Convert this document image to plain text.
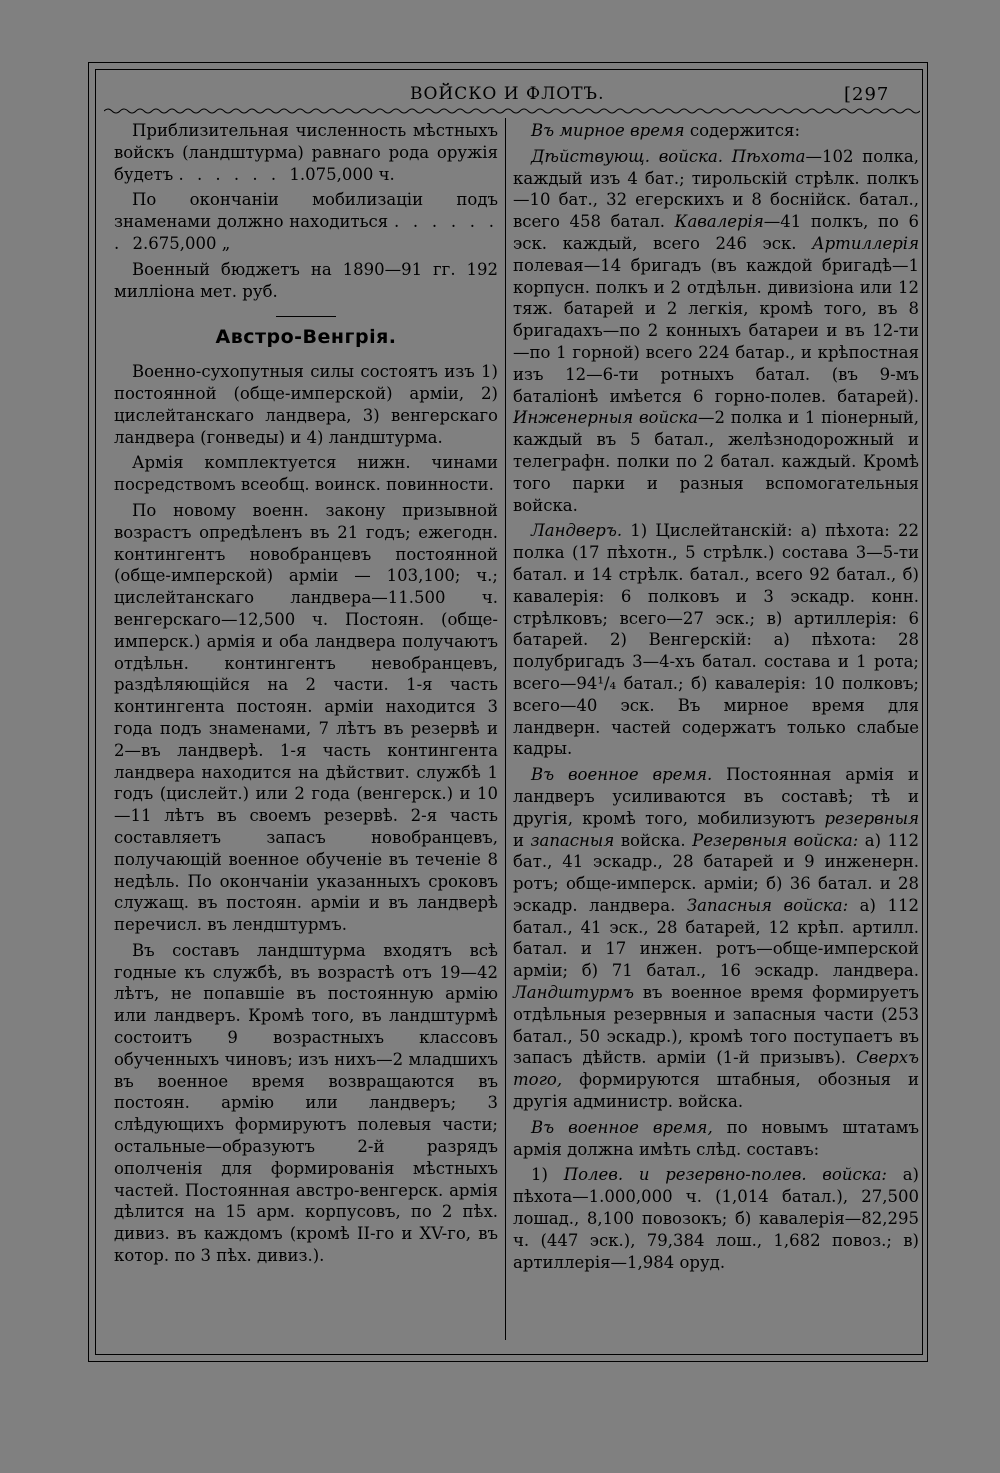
ВОЙСКО И ФЛОТЪ.	[297

Приблизительная численность мѣстныхъ войскъ (ландштурма) равнаго рода оружія будетъ . . . . . . 1.075,000 ч.

По окончаніи мобилизаціи подъ знаменами должно находиться . . . . . . . 2.675,000 „

Военный бюджетъ на 1890—91 гг. 192 милліона мет. руб.

Австро-Венгрія.

Военно-сухопутныя силы состоятъ изъ 1) постоянной (обще-имперской) арміи, 2) цислейтанскаго ландвера, 3) венгерскаго ландвера (гонведы) и 4) ландштурма.

Армія комплектуется нижн. чинами посредствомъ всеобщ. воинск. повинности.

По новому военн. закону призывной возрастъ опредѣленъ въ 21 годъ; ежегодн. контингентъ новобранцевъ постоянной (обще-имперской) арміи — 103,100; ч.; цислейтанскаго ландвера—11.500 ч. венгерскаго—12,500 ч. Постоян. (обще-имперск.) армія и оба ландвера получаютъ отдѣльн. контингентъ невобранцевъ, раздѣляющійся на 2 части. 1-я часть контингента постоян. арміи находится 3 года подъ знаменами, 7 лѣтъ въ резервѣ и 2—въ ландверѣ. 1-я часть контингента ландвера находится на дѣйствит. службѣ 1 годъ (цислейт.) или 2 года (венгерск.) и 10—11 лѣтъ въ своемъ резервѣ. 2-я часть составляетъ запасъ новобранцевъ, получающій военное обученіе въ теченіе 8 недѣль. По окончаніи указанныхъ сроковъ служащ. въ постоян. арміи и въ ландверѣ перечисл. въ лендштурмъ.

Въ составъ ландштурма входятъ всѣ годные къ службѣ, въ возрастѣ отъ 19—42 лѣтъ, не попавшіе въ постоянную армію или ландверъ. Кромѣ того, въ ландштурмѣ состоитъ 9 возрастныхъ классовъ обученныхъ чиновъ; изъ нихъ—2 младшихъ въ военное время возвращаются въ постоян. армію или ландверъ; 3 слѣдующихъ формируютъ полевыя части; остальные—образуютъ 2-й разрядъ ополченія для формированія мѣстныхъ частей. Постоянная австро-венгерск. армія дѣлится на 15 арм. корпусовъ, по 2 пѣх. дивиз. въ каждомъ (кромѣ II-го и XV-го, въ котор. по 3 пѣх. дивиз.).

Въ мирное время содержится:

Дѣйствующ. войска. Пѣхота—102 полка, каждый изъ 4 бат.; тирольскій стрѣлк. полкъ—10 бат., 32 егерскихъ и 8 боснійск. батал., всего 458 батал. Кавалерія—41 полкъ, по 6 эск. каждый, всего 246 эск. Артиллерія полевая—14 бригадъ (въ каждой бригадѣ—1 корпусн. полкъ и 2 отдѣльн. дивизіона или 12 тяж. батарей и 2 легкія, кромѣ того, въ 8 бригадахъ—по 2 конныхъ батареи и въ 12-ти—по 1 горной) всего 224 батар., и крѣпостная изъ 12—6-ти ротныхъ батал. (въ 9-мъ баталіонѣ имѣется 6 горно-полев. батарей). Инженерныя войска—2 полка и 1 піонерный, каждый въ 5 батал., желѣзнодорожный и телеграфн. полки по 2 батал. каждый. Кромѣ того парки и разныя вспомогательныя войска.

Ландверъ. 1) Цислейтанскій: а) пѣхота: 22 полка (17 пѣхотн., 5 стрѣлк.) состава 3—5-ти батал. и 14 стрѣлк. батал., всего 92 батал., б) кавалерія: 6 полковъ и 3 эскадр. конн. стрѣлковъ; всего—27 эск.; в) артиллерія: 6 батарей. 2) Венгерскій: а) пѣхота: 28 полубригадъ 3—4-хъ батал. состава и 1 рота; всего—94¹/₄ батал.; б) кавалерія: 10 полковъ; всего—40 эск. Въ мирное время для ландверн. частей содержатъ только слабые кадры.

Въ военное время. Постоянная армія и ландверъ усиливаются въ составѣ; тѣ и другія, кромѣ того, мобилизуютъ резервныя и запасныя войска. Резервныя войска: а) 112 бат., 41 эскадр., 28 батарей и 9 инженерн. ротъ; обще-имперск. арміи; б) 36 батал. и 28 эскадр. ландвера. Запасныя войска: а) 112 батал., 41 эск., 28 батарей, 12 крѣп. артилл. батал. и 17 инжен. ротъ—обще-имперской арміи; б) 71 батал., 16 эскадр. ландвера. Ландштурмъ въ военное время формируетъ отдѣльныя резервныя и запасныя части (253 батал., 50 эскадр.), кромѣ того поступаетъ въ запасъ дѣйств. арміи (1-й призывъ). Сверхъ того, формируются штабныя, обозныя и другія администр. войска.

Въ военное время, по новымъ штатамъ армія должна имѣть слѣд. составъ:

1) Полев. и резервно-полев. войска: а) пѣхота—1.000,000 ч. (1,014 батал.), 27,500 лошад., 8,100 повозокъ; б) кавалерія—82,295 ч. (447 эск.), 79,384 лош., 1,682 повоз.; в) артиллерія—1,984 оруд.
